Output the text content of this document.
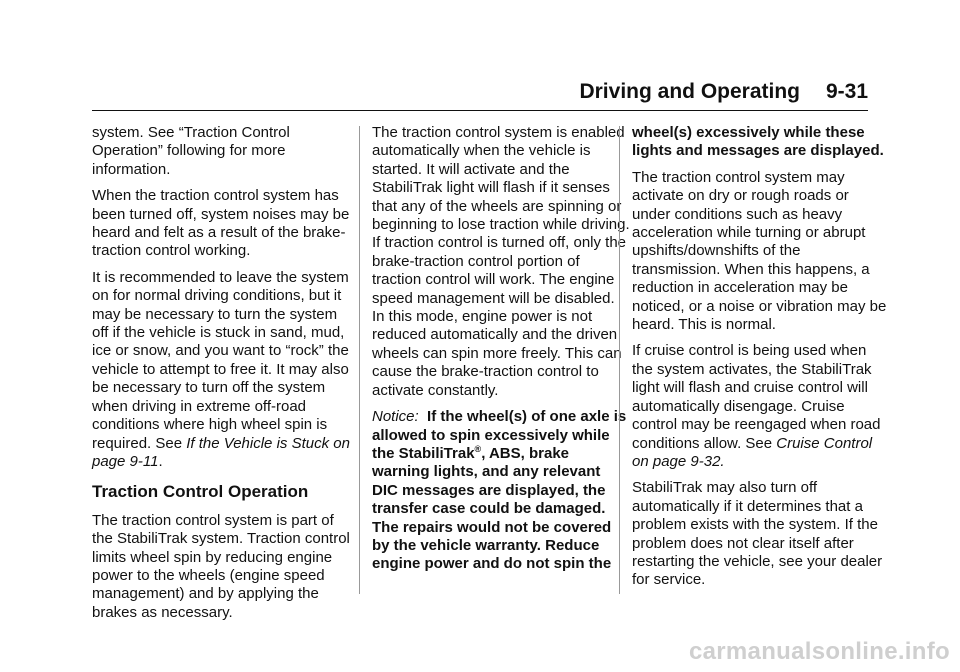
Driving and Operating 9-31

system. See “Traction Control Operation” following for more information.

When the traction control system has been turned off, system noises may be heard and felt as a result of the brake-traction control working.

It is recommended to leave the system on for normal driving conditions, but it may be necessary to turn the system off if the vehicle is stuck in sand, mud, ice or snow, and you want to “rock” the vehicle to attempt to free it. It may also be necessary to turn off the system when driving in extreme off-road conditions where high wheel spin is required. See If the Vehicle is Stuck on page 9‑11.

Traction Control Operation

The traction control system is part of the StabiliTrak system. Traction control limits wheel spin by reducing engine power to the wheels (engine speed management) and by applying the brakes as necessary.

The traction control system is enabled automatically when the vehicle is started. It will activate and the StabiliTrak light will flash if it senses that any of the wheels are spinning or beginning to lose traction while driving. If traction control is turned off, only the brake-traction control portion of traction control will work. The engine speed management will be disabled. In this mode, engine power is not reduced automatically and the driven wheels can spin more freely. This can cause the brake-traction control to activate constantly.

Notice: If the wheel(s) of one axle is allowed to spin excessively while the StabiliTrak®, ABS, brake warning lights, and any relevant DIC messages are displayed, the transfer case could be damaged. The repairs would not be covered by the vehicle warranty. Reduce engine power and do not spin the

wheel(s) excessively while these lights and messages are displayed.

The traction control system may activate on dry or rough roads or under conditions such as heavy acceleration while turning or abrupt upshifts/downshifts of the transmission. When this happens, a reduction in acceleration may be noticed, or a noise or vibration may be heard. This is normal.

If cruise control is being used when the system activates, the StabiliTrak light will flash and cruise control will automatically disengage. Cruise control may be reengaged when road conditions allow. See Cruise Control on page 9‑32.

StabiliTrak may also turn off automatically if it determines that a problem exists with the system. If the problem does not clear itself after restarting the vehicle, see your dealer for service.

carmanualsonline.info
